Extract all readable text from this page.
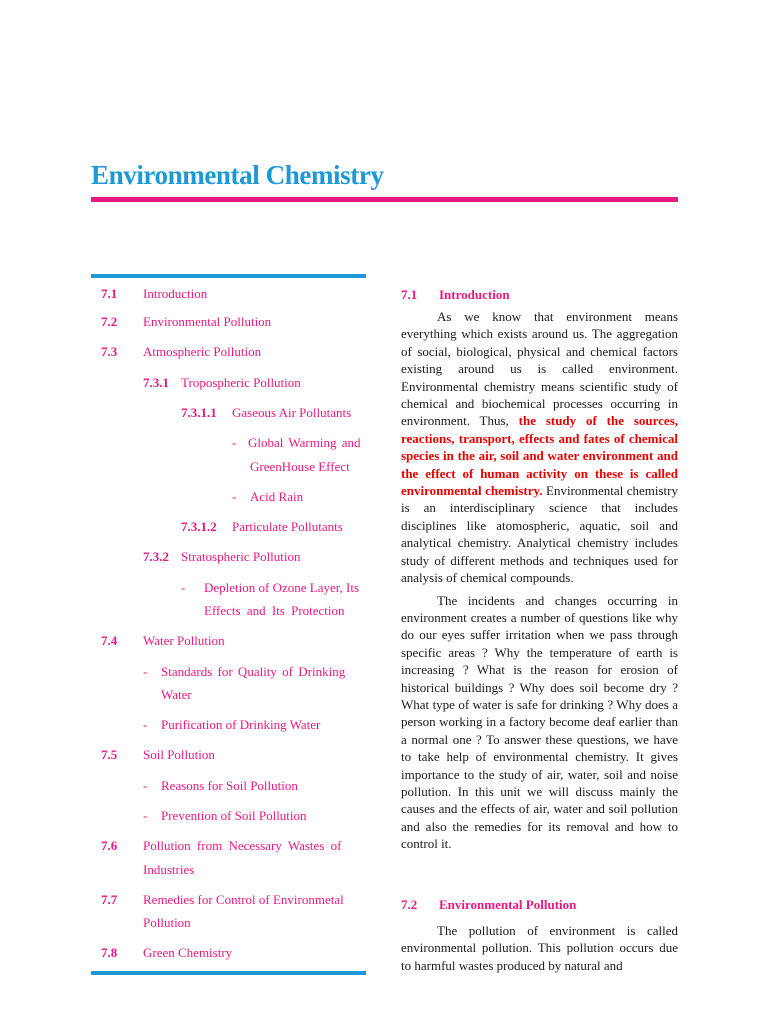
Environmental Chemistry
7.1 Introduction
7.2 Environmental Pollution
7.3 Atmospheric Pollution
7.3.1 Tropospheric Pollution
7.3.1.1 Gaseous Air Pollutants
- Global Warming and
GreenHouse Effect
- Acid Rain
7.3.1.2 Particulate Pollutants
7.3.2 Stratospheric Pollution
- Depletion of Ozone Layer, Its
Effects and Its Protection
7.4 Water Pollution
- Standards for Quality of Drinking
Water
- Purification of Drinking Water
7.5 Soil Pollution
- Reasons for Soil Pollution
- Prevention of Soil Pollution
7.6 Pollution from Necessary Wastes of
Industries
7.7 Remedies for Control of Environmetal
Pollution
7.8 Green Chemistry
7.1 Introduction

As we know that environment means everything which exists around us. The aggregation of social, biological, physical and chemical factors existing around us is called environment. Environmental chemistry means scientific study of chemical and biochemical processes occurring in environment. Thus, the study of the sources, reactions, transport, effects and fates of chemical species in the air, soil and water environment and the effect of human activity on these is called environmental chemistry. Environmental chemistry is an interdisciplinary science that includes disciplines like atomospheric, aquatic, soil and analytical chemistry. Analytical chemistry includes study of different methods and techniques used for analysis of chemical compounds.

The incidents and changes occurring in environment creates a number of questions like why do our eyes suffer irritation when we pass through specific areas ? Why the temperature of earth is increasing ? What is the reason for erosion of historical buildings ? Why does soil become dry ? What type of water is safe for drinking ? Why does a person working in a factory become deaf earlier than a normal one ? To answer these questions, we have to take help of environmental chemistry. It gives importance to the study of air, water, soil and noise pollution. In this unit we will discuss mainly the causes and the effects of air, water and soil pollution and also the remedies for its removal and how to control it.

7.2 Environmental Pollution

The pollution of environment is called environmental pollution. This pollution occurs due to harmful wastes produced by natural and
